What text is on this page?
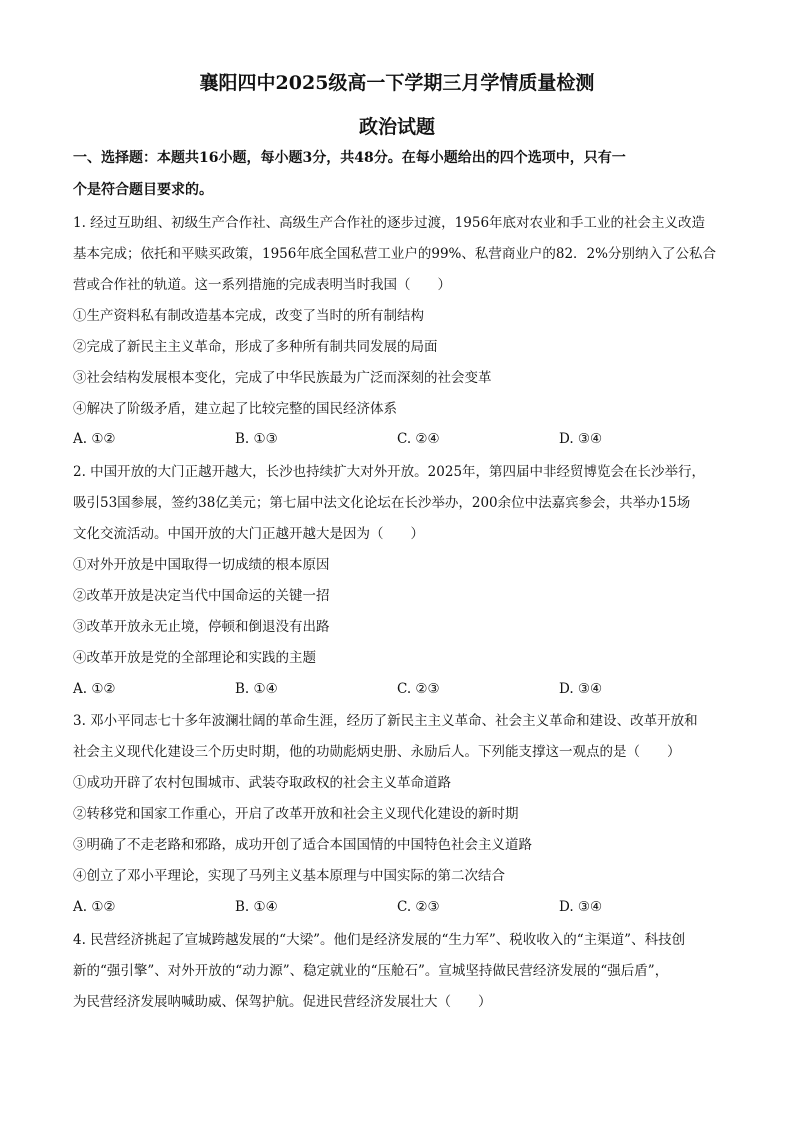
襄阳四中2025级高一下学期三月学情质量检测
政治试题
一、选择题：本题共16小题，每小题3分，共48分。在每小题给出的四个选项中，只有一
个是符合题目要求的。
1. 经过互助组、初级生产合作社、高级生产合作社的逐步过渡，1956年底对农业和手工业的社会主义改造
基本完成；依托和平赎买政策，1956年底全国私营工业户的99%、私营商业户的82．2%分别纳入了公私合
营或合作社的轨道。这一系列措施的完成表明当时我国（　　）
①生产资料私有制改造基本完成，改变了当时的所有制结构
②完成了新民主主义革命，形成了多种所有制共同发展的局面
③社会结构发展根本变化，完成了中华民族最为广泛而深刻的社会变革
④解决了阶级矛盾，建立起了比较完整的国民经济体系
A. ①②	B. ①③	C. ②④	D. ③④
2. 中国开放的大门正越开越大，长沙也持续扩大对外开放。2025年，第四届中非经贸博览会在长沙举行，
吸引53国参展，签约38亿美元；第七届中法文化论坛在长沙举办，200余位中法嘉宾参会，共举办15场
文化交流活动。中国开放的大门正越开越大是因为（　　）
①对外开放是中国取得一切成绩的根本原因
②改革开放是决定当代中国命运的关键一招
③改革开放永无止境，停顿和倒退没有出路
④改革开放是党的全部理论和实践的主题
A. ①②	B. ①④	C. ②③	D. ③④
3. 邓小平同志七十多年波澜壮阔的革命生涯，经历了新民主主义革命、社会主义革命和建设、改革开放和
社会主义现代化建设三个历史时期，他的功勋彪炳史册、永励后人。下列能支撑这一观点的是（　　）
①成功开辟了农村包围城市、武装夺取政权的社会主义革命道路
②转移党和国家工作重心，开启了改革开放和社会主义现代化建设的新时期
③明确了不走老路和邪路，成功开创了适合本国国情的中国特色社会主义道路
④创立了邓小平理论，实现了马列主义基本原理与中国实际的第二次结合
A. ①②	B. ①④	C. ②③	D. ③④
4. 民营经济挑起了宣城跨越发展的“大梁”。他们是经济发展的“生力军”、税收收入的“主渠道”、科技创
新的“强引擎”、对外开放的“动力源”、稳定就业的“压舱石”。宣城坚持做民营经济发展的“强后盾”，
为民营经济发展呐喊助威、保驾护航。促进民营经济发展壮大（　　）
